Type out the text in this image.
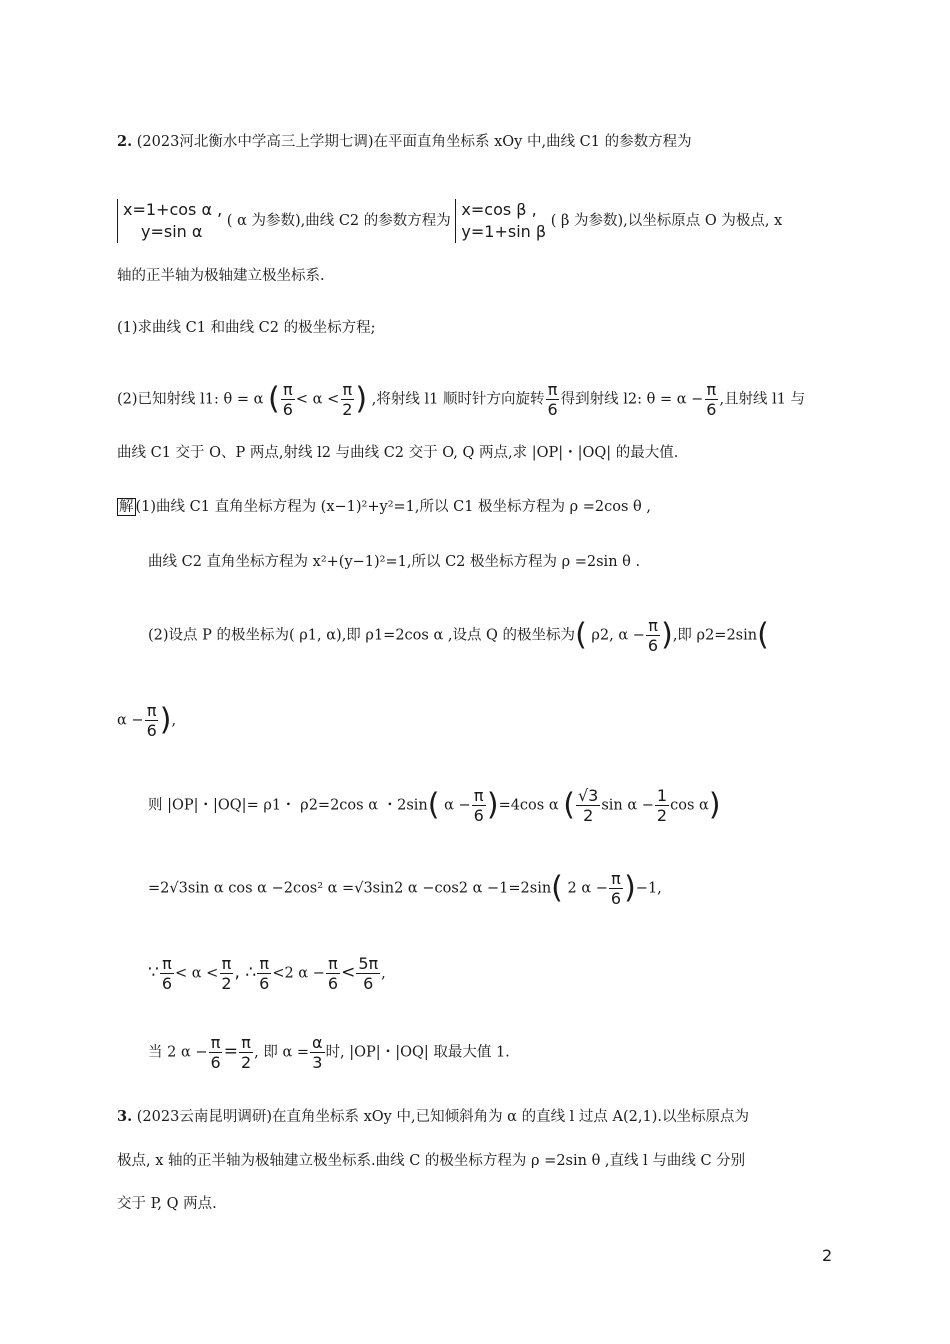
2. (2023河北衡水中学高三上学期七调)在平面直角坐标系 xOy 中,曲线 C1 的参数方程为
x=1+cos α ,
y=sin α
( α 为参数),曲线 C2 的参数方程为
x=cos β ,
y=1+sin β
( β 为参数),以坐标原点 O 为极点, x
轴的正半轴为极轴建立极坐标系.
(1)求曲线 C1 和曲线 C2 的极坐标方程;
(2)已知射线 l1: θ = α ( $\frac{\pi}{6} < \alpha < \frac{\pi}{2}$ ) ,将射线 l1 顺时针方向旋转 $\frac{\pi}{6}$ 得到射线 l2: $\theta = \alpha - \frac{\pi}{6}$ ,且射线 l1 与
曲线 C1 交于 O、P 两点,射线 l2 与曲线 C2 交于 O, Q 两点,求 |OP|・|OQ| 的最大值.
解 (1)曲线 C1 直角坐标方程为 (x−1)²+y²=1,所以 C1 极坐标方程为 ρ =2cos θ ,
曲线 C2 直角坐标方程为 x²+(y−1)²=1,所以 C2 极坐标方程为 ρ =2sin θ .
(2)设点 P 的极坐标为( ρ1, α),即 ρ1=2cos α ,设点 Q 的极坐标为( ρ2, $\alpha - \frac{\pi}{6}$ ),即 ρ2=2sin(
$\alpha - \frac{\pi}{6}$ ),
则 |OP|・|OQ|= ρ1・ ρ2=2cos α ・2sin( $\alpha - \frac{\pi}{6} )=4\cos$ α ( $\frac{√3}{2}$ $\sin \alpha - \frac{1}{2}$ cos α)
=2√3sin α cos α −2cos² α =√3sin2 α −cos2 α −1=2sin( 2 $\alpha - \frac{\pi}{6} )-1$,
∵ $\frac{\pi}{6} < \alpha < \frac{\pi}{2}$ , ∴ $\frac{\pi}{6} <2$ $\alpha - \frac{\pi}{6} < \frac{5\pi}{6}$ ,
当 2 $\alpha - \frac{\pi}{6} = \frac{\pi}{2}$ , 即 $\alpha = \frac{\alpha}{3}$ 时, |OP|・|OQ| 取最大值 1.
3. (2023云南昆明调研)在直角坐标系 xOy 中,已知倾斜角为 α 的直线 l 过点 A(2,1).以坐标原点为
极点, x 轴的正半轴为极轴建立极坐标系.曲线 C 的极坐标方程为 ρ =2sin θ ,直线 l 与曲线 C 分别
交于 P, Q 两点.
2
